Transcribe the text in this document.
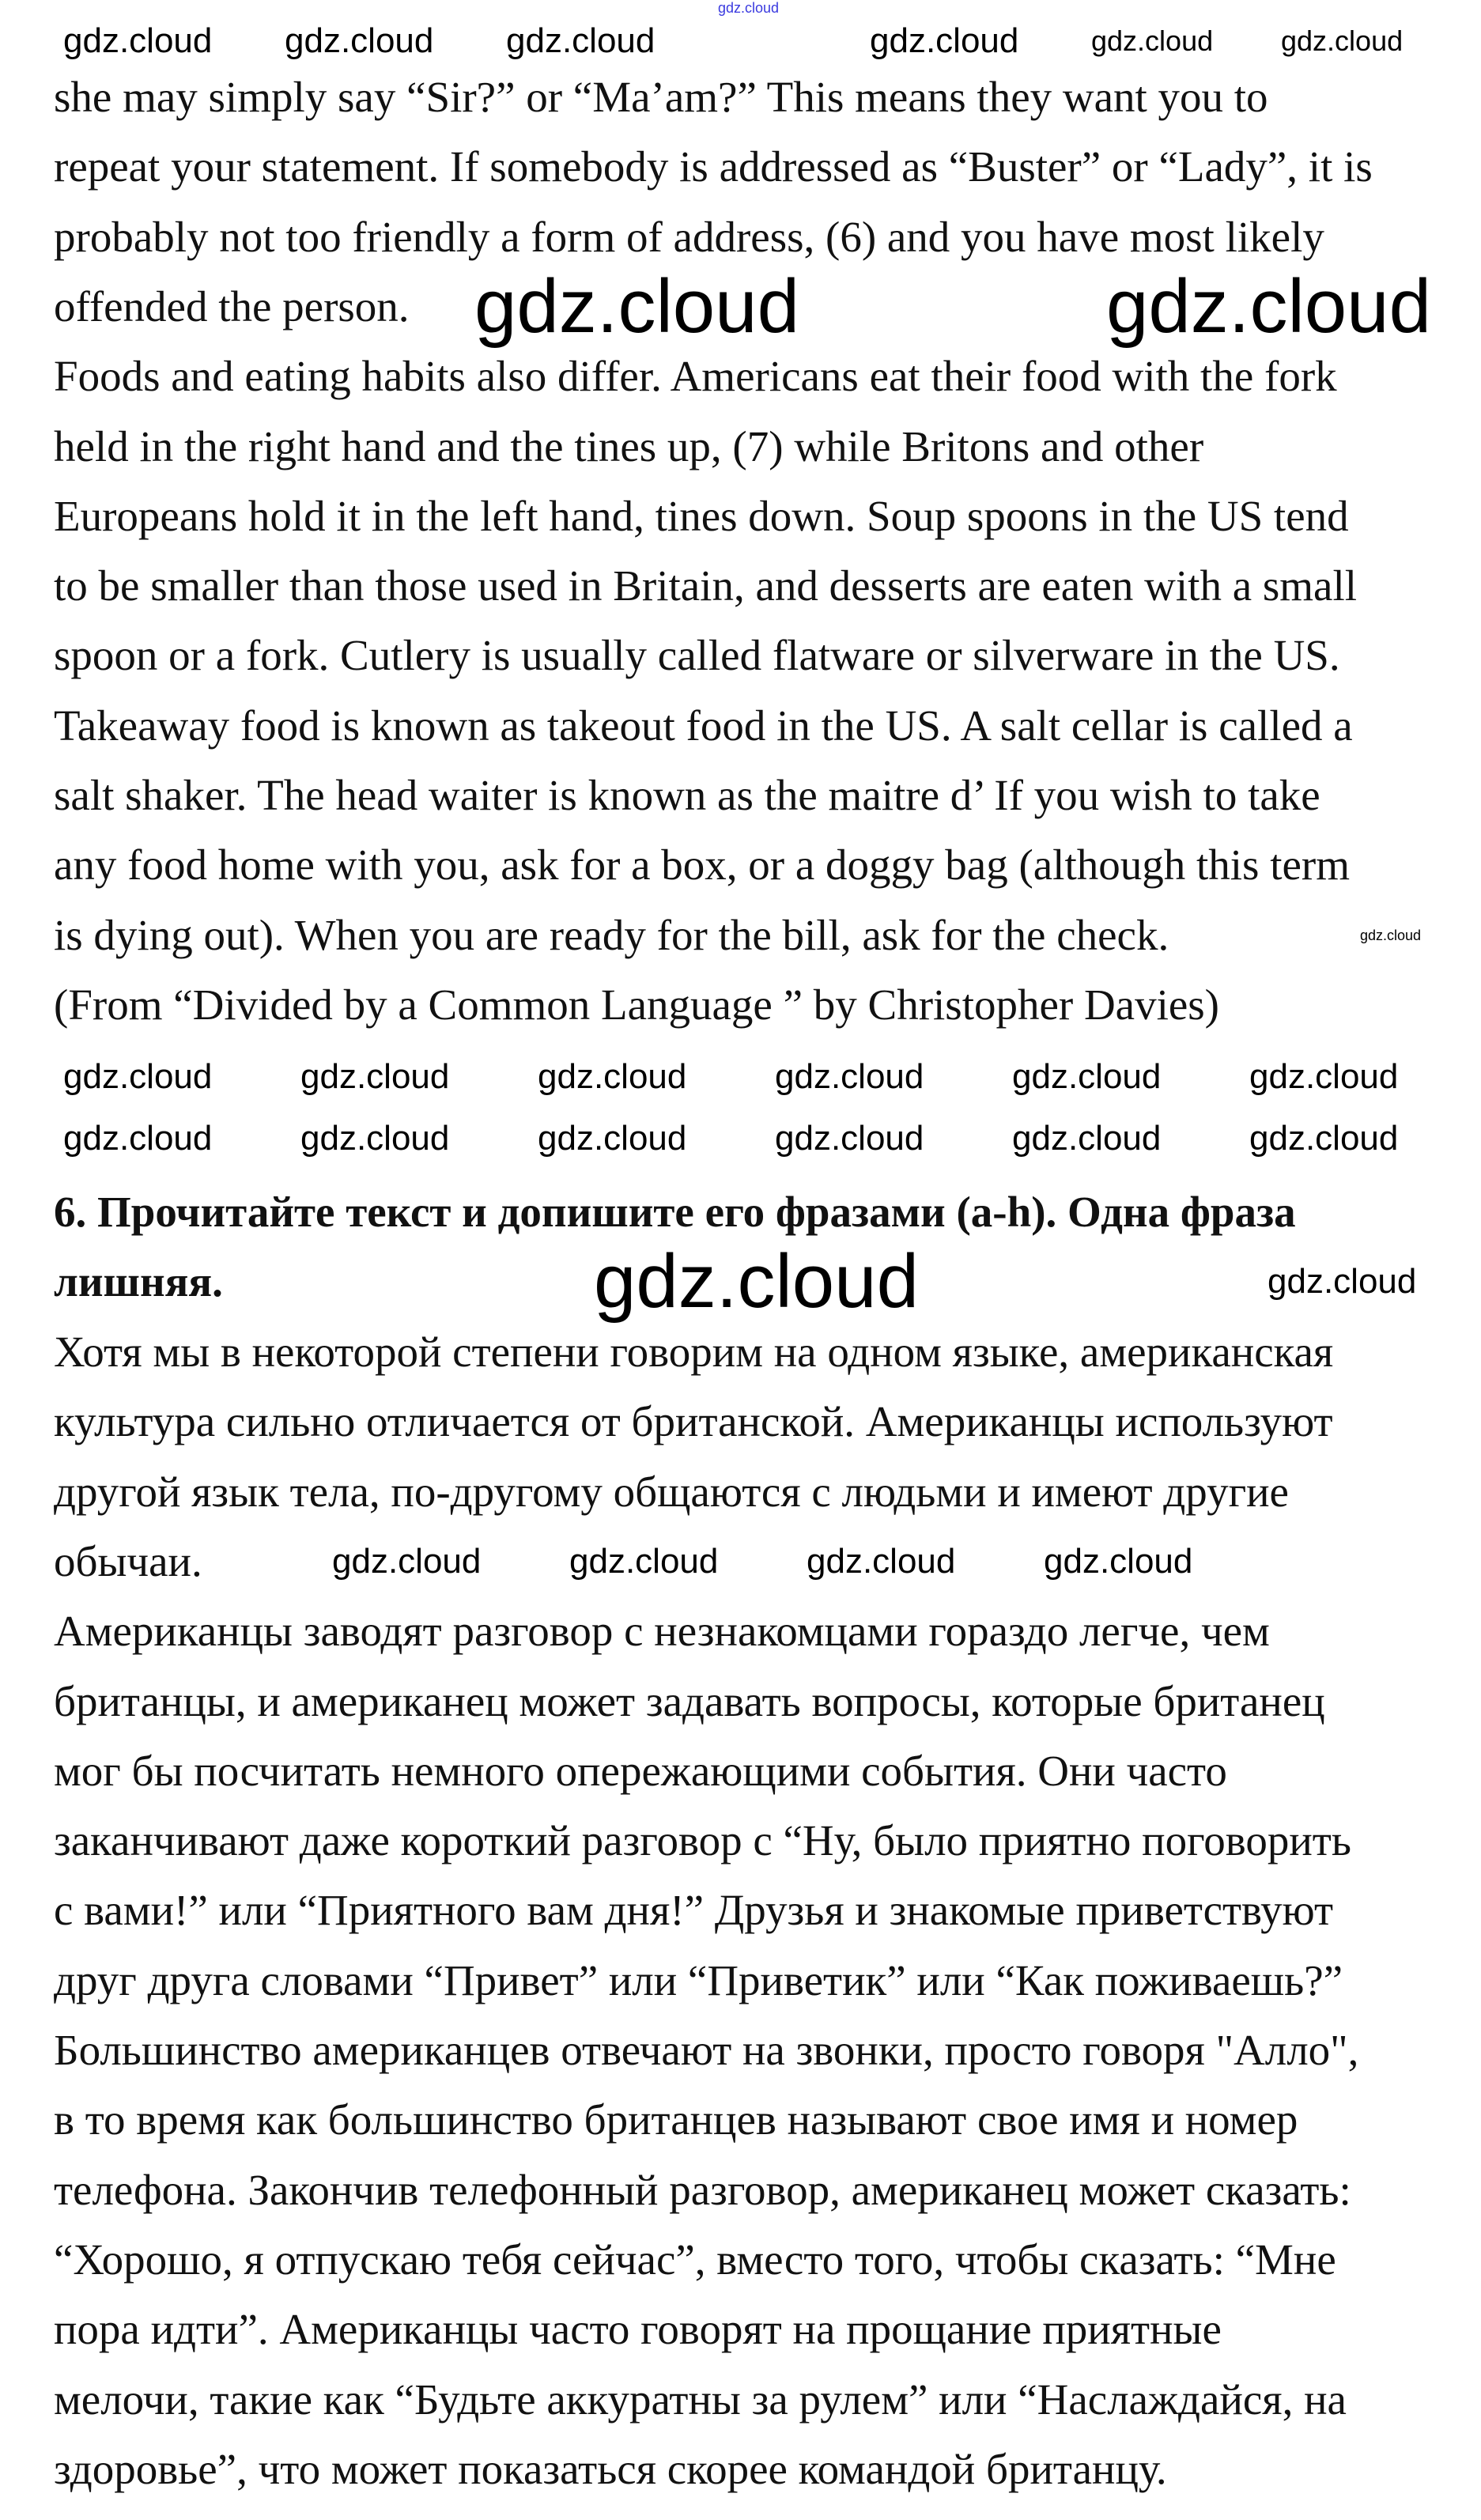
she may simply say “Sir?” or “Ma’am?” This means they want you to
repeat your statement. If somebody is addressed as “Buster” or “Lady”, it is
probably not too friendly a form of address, (6) and you have most likely
offended the person.
Foods and eating habits also differ. Americans eat their food with the fork
held in the right hand and the tines up, (7) while Britons and other
Europeans hold it in the left hand, tines down. Soup spoons in the US tend
to be smaller than those used in Britain, and desserts are eaten with a small
spoon or a fork. Cutlery is usually called flatware or silverware in the US.
Takeaway food is known as takeout food in the US. A salt cellar is called a
salt shaker. The head waiter is known as the maitre d’ If you wish to take
any food home with you, ask for a box, or a doggy bag (although this term
is dying out). When you are ready for the bill, ask for the check.
(From “Divided by a Common Language ” by Christopher Davies)
6. Прочитайте текст и допишите его фразами (a-h). Одна фраза
лишняя.
Хотя мы в некоторой степени говорим на одном языке, американская
культура сильно отличается от британской. Американцы используют
другой язык тела, по-другому общаются с людьми и имеют другие
обычаи.
Американцы заводят разговор с незнакомцами гораздо легче, чем
британцы, и американец может задавать вопросы, которые британец
мог бы посчитать немного опережающими события. Они часто
заканчивают даже короткий разговор с “Ну, было приятно поговорить
с вами!” или “Приятного вам дня!” Друзья и знакомые приветствуют
друг друга словами “Привет” или “Приветик” или “Как поживаешь?”
Большинство американцев отвечают на звонки, просто говоря "Алло",
в то время как большинство британцев называют свое имя и номер
телефона. Закончив телефонный разговор, американец может сказать:
“Хорошо, я отпускаю тебя сейчас”, вместо того, чтобы сказать: “Мне
пора идти”. Американцы часто говорят на прощание приятные
мелочи, такие как “Будьте аккуратны за рулем” или “Наслаждайся, на
здоровье”, что может показаться скорее командой британцу.
gdz.cloud
gdz.cloud gdz.cloud gdz.cloud	gdz.cloud	gdz.cloud gdz.cloud
gdz.cloud	gdz.cloud
gdz.cloud
gdz.cloud	gdz.cloud	gdz.cloud	gdz.cloud	gdz.cloud	gdz.cloud
gdz.cloud	gdz.cloud	gdz.cloud	gdz.cloud	gdz.cloud	gdz.cloud
gdz.cloud	gdz.cloud
gdz.cloud	gdz.cloud	gdz.cloud	gdz.cloud
